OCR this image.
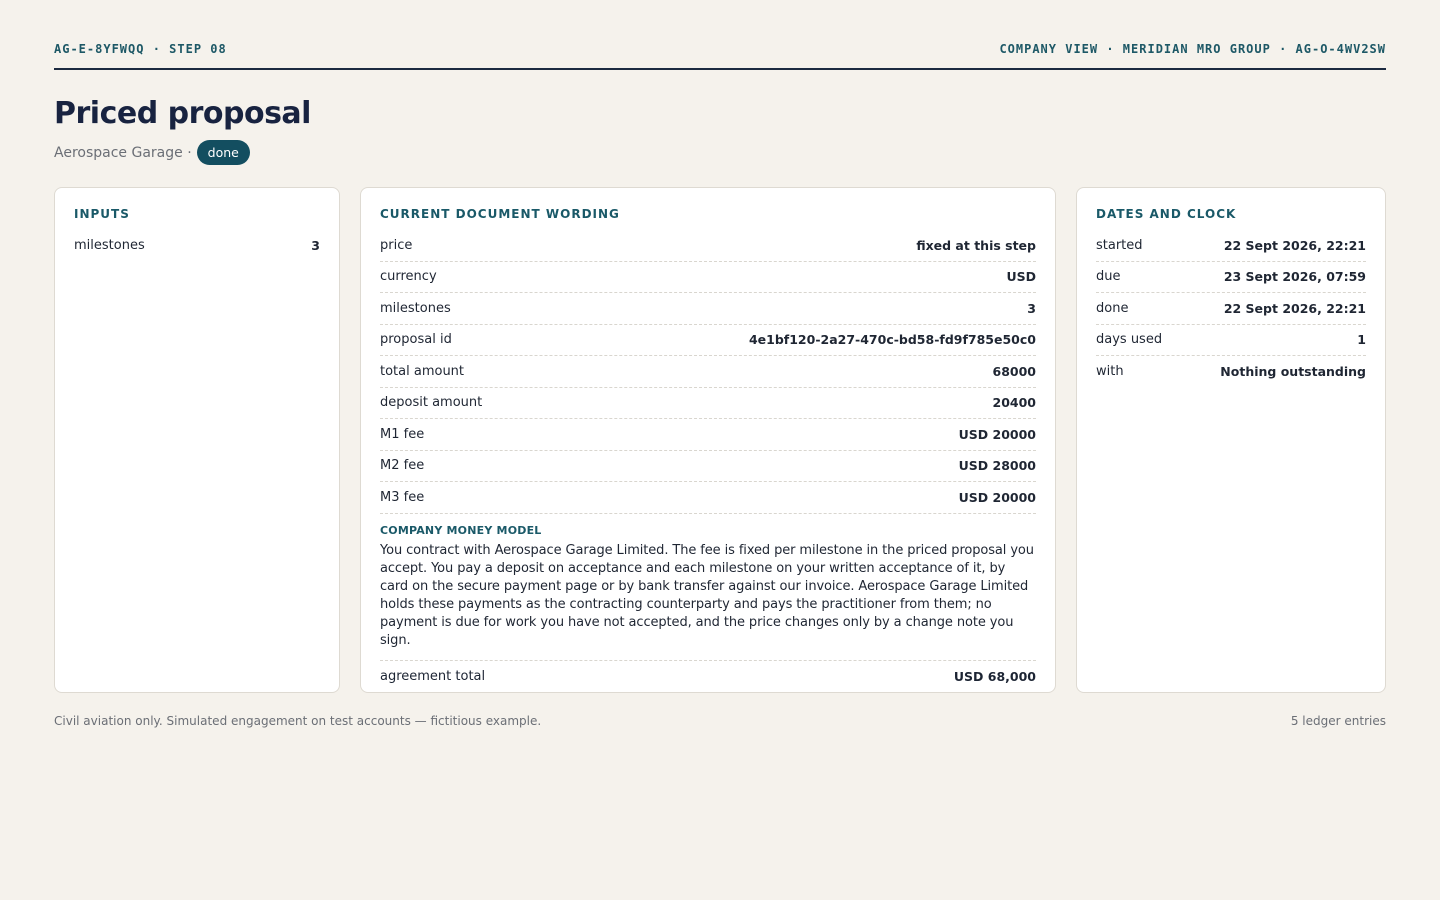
AG-E-8YFWQQ · STEP 08	COMPANY VIEW · MERIDIAN MRO GROUP · AG-O-4WV2SW
Priced proposal
Aerospace Garage ·	done
INPUTS
milestones	3
CURRENT DOCUMENT WORDING
price	fixed at this step
currency	USD
milestones	3
proposal id	4e1bf120-2a27-470c-bd58-fd9f785e50c0
total amount	68000
deposit amount	20400
M1 fee	USD 20000
M2 fee	USD 28000
M3 fee	USD 20000
COMPANY MONEY MODEL
You contract with Aerospace Garage Limited. The fee is fixed per milestone in the priced proposal you accept. You pay a deposit on acceptance and each milestone on your written acceptance of it, by card on the secure payment page or by bank transfer against our invoice. Aerospace Garage Limited holds these payments as the contracting counterparty and pays the practitioner from them; no payment is due for work you have not accepted, and the price changes only by a change note you sign.
agreement total	USD 68,000
DATES AND CLOCK
started	22 Sept 2026, 22:21
due	23 Sept 2026, 07:59
done	22 Sept 2026, 22:21
days used	1
with	Nothing outstanding
Civil aviation only. Simulated engagement on test accounts — fictitious example.	5 ledger entries
